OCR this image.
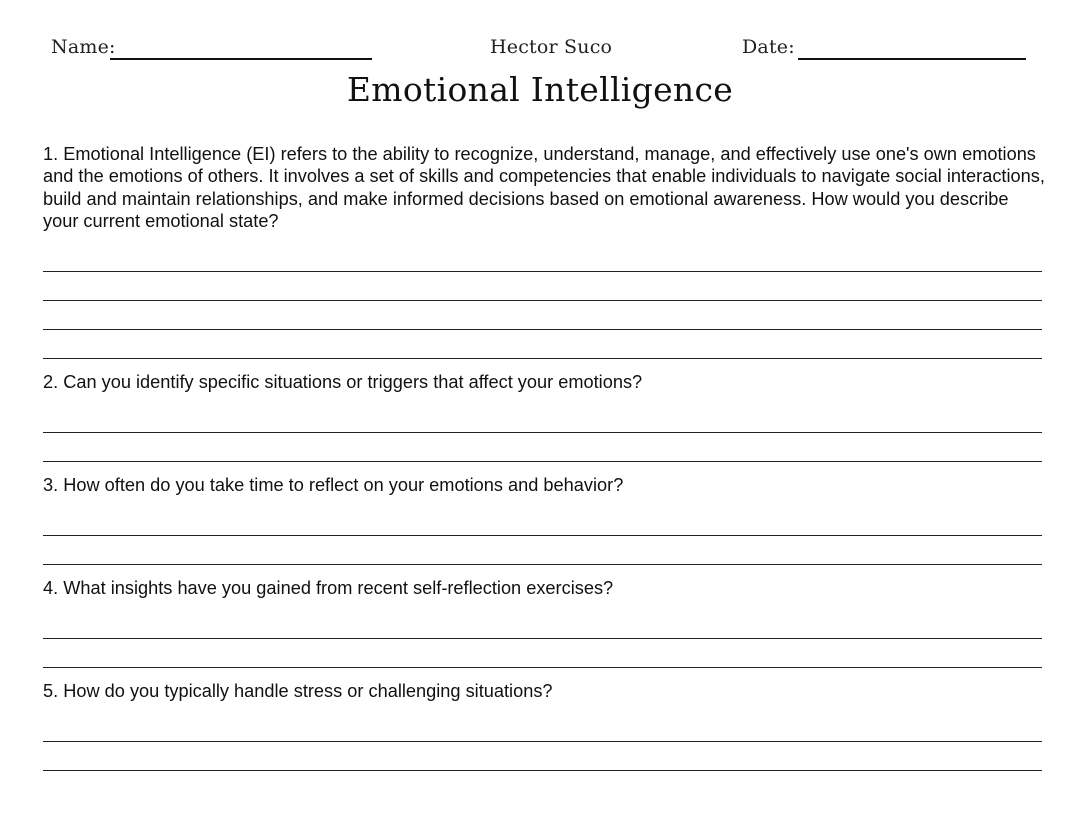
Name:	Hector Suco	Date:
Emotional Intelligence

1. Emotional Intelligence (EI) refers to the ability to recognize, understand, manage, and effectively use one's own emotions and the emotions of others. It involves a set of skills and competencies that enable individuals to navigate social interactions, build and maintain relationships, and make informed decisions based on emotional awareness. How would you describe your current emotional state?

2. Can you identify specific situations or triggers that affect your emotions?

3. How often do you take time to reflect on your emotions and behavior?

4. What insights have you gained from recent self-reflection exercises?

5. How do you typically handle stress or challenging situations?
